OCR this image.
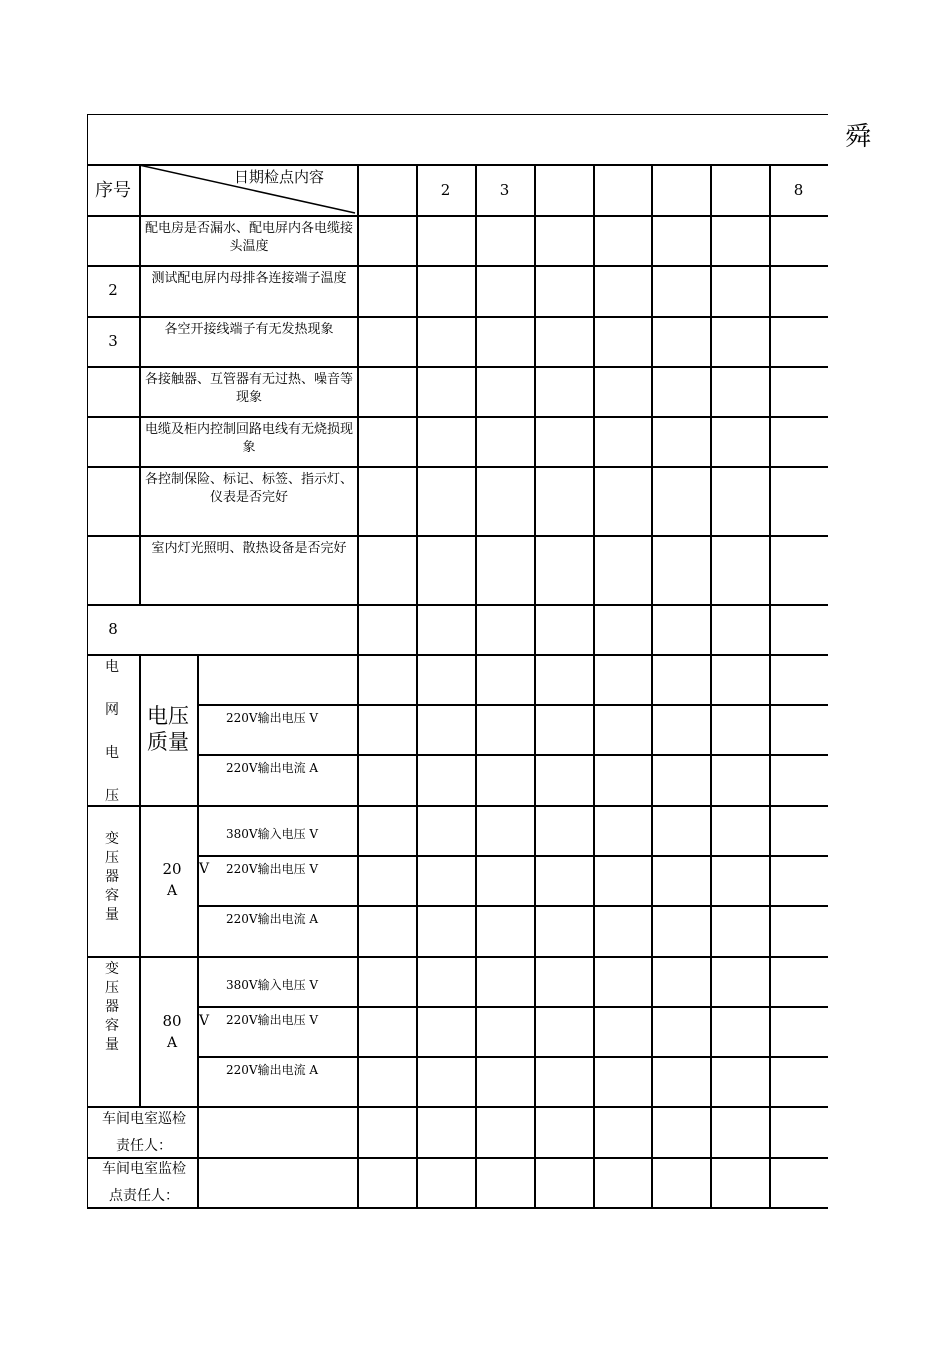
舜
序号
日期检点内容
2	3	8
配电房是否漏水、配电屏内各电缆接头温度
测试配电屏内母排各连接端子温度
2
各空开接线端子有无发热现象
3
各接触器、互管器有无过热、噪音等现象
电缆及柜内控制回路电线有无烧损现象
各控制保险、标记、标签、指示灯、仪表是否完好
室内灯光照明、散热设备是否完好
8
电
网
电
压
电压质量
220V输出电压 V
220V输出电流 A
变压器容量
20
A
V
380V输入电压 V
220V输出电压 V
220V输出电流 A
变压器容量
80
A
V
380V输入电压 V
220V输出电压 V
220V输出电流 A
车间电室巡检
责任人：
车间电室监检
点责任人：
